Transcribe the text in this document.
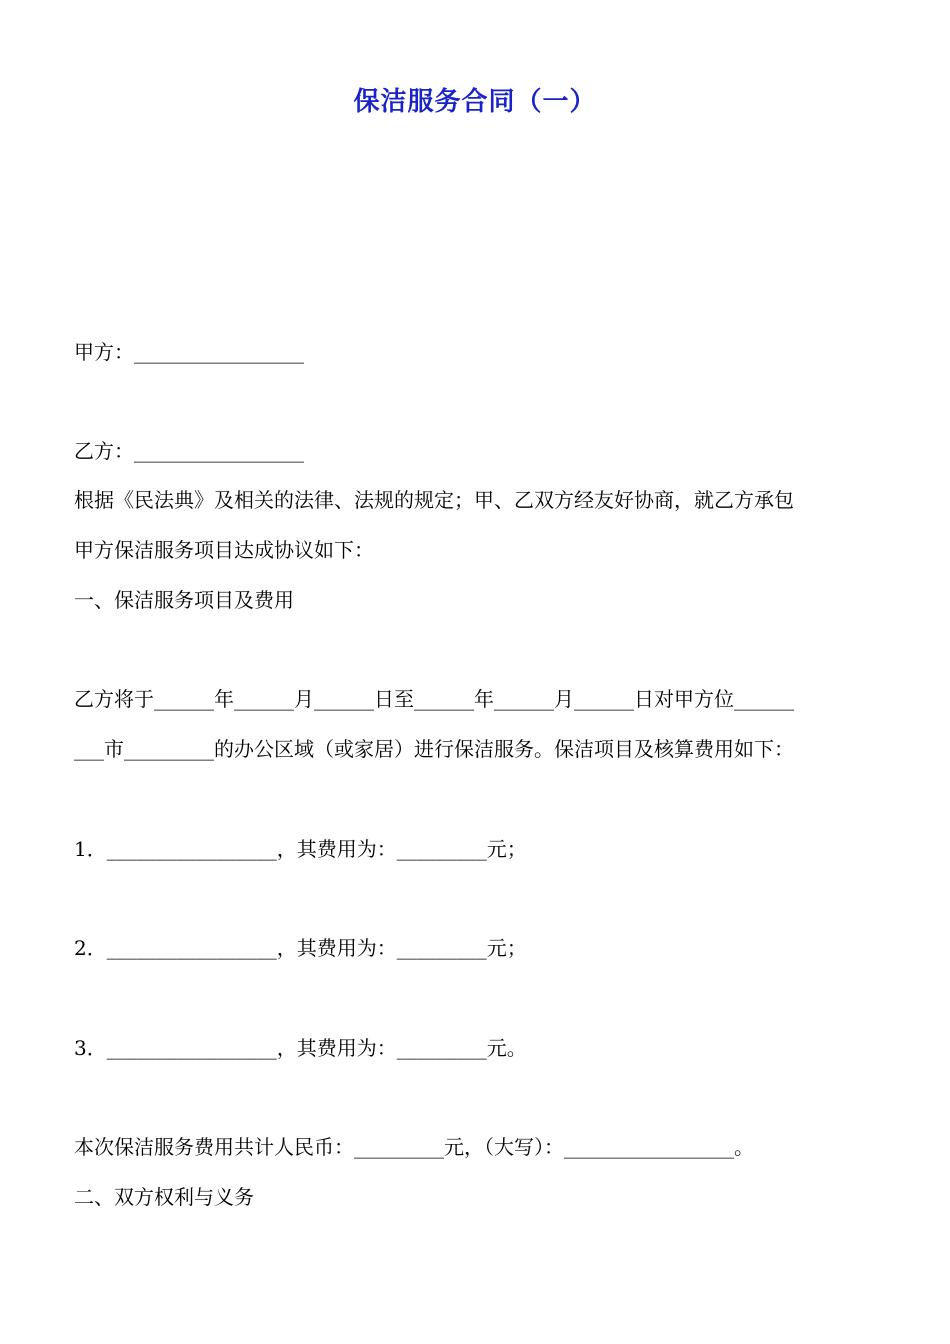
保洁服务合同（一）
甲方：_________________
乙方：_________________
根据《民法典》及相关的法律、法规的规定；甲、乙双方经友好协商，就乙方承包
甲方保洁服务项目达成协议如下：
一、保洁服务项目及费用
乙方将于______年______月______日至______年______月______日对甲方位______
___市_________的办公区域（或家居）进行保洁服务。保洁项目及核算费用如下：
1．_________________，其费用为：_________元；
2．_________________，其费用为：_________元；
3．_________________，其费用为：_________元。
本次保洁服务费用共计人民币：_________元，（大写）：_________________。
二、双方权利与义务
